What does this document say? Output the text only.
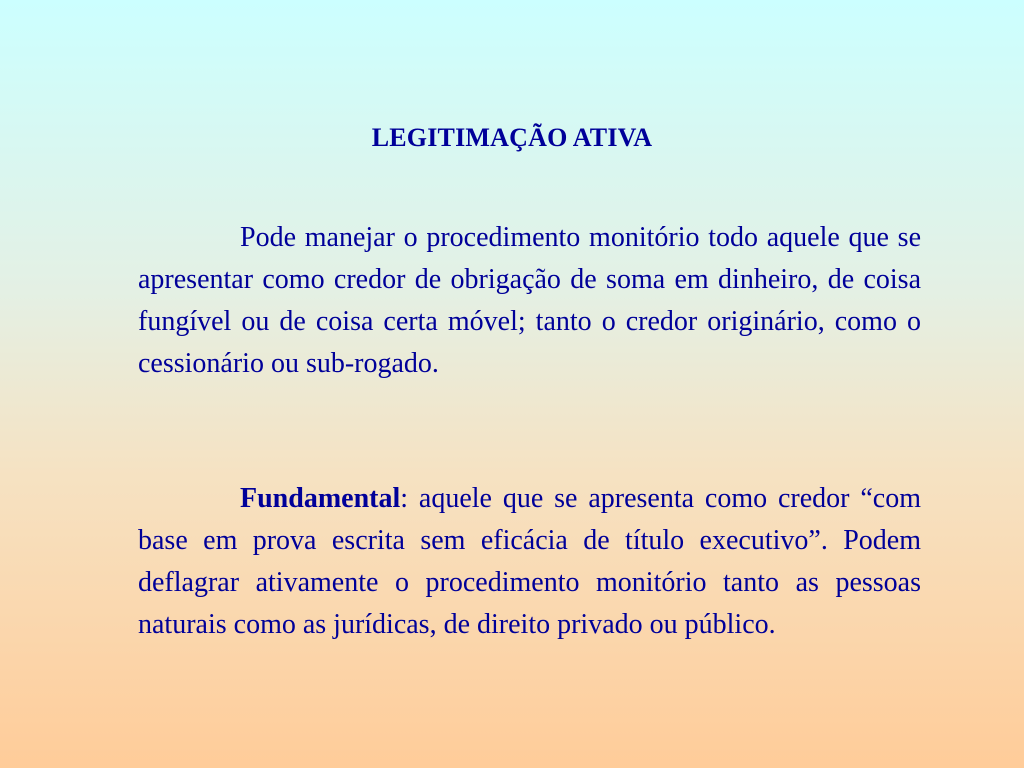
LEGITIMAÇÃO ATIVA

Pode manejar o procedimento monitório todo aquele que se apresentar como credor de obrigação de soma em dinheiro, de coisa fungível ou de coisa certa móvel; tanto o credor originário, como o cessionário ou sub-rogado.

Fundamental: aquele que se apresenta como credor “com base em prova escrita sem eficácia de título executivo”. Podem deflagrar ativamente o procedimento monitório tanto as pessoas naturais como as jurídicas, de direito privado ou público.
